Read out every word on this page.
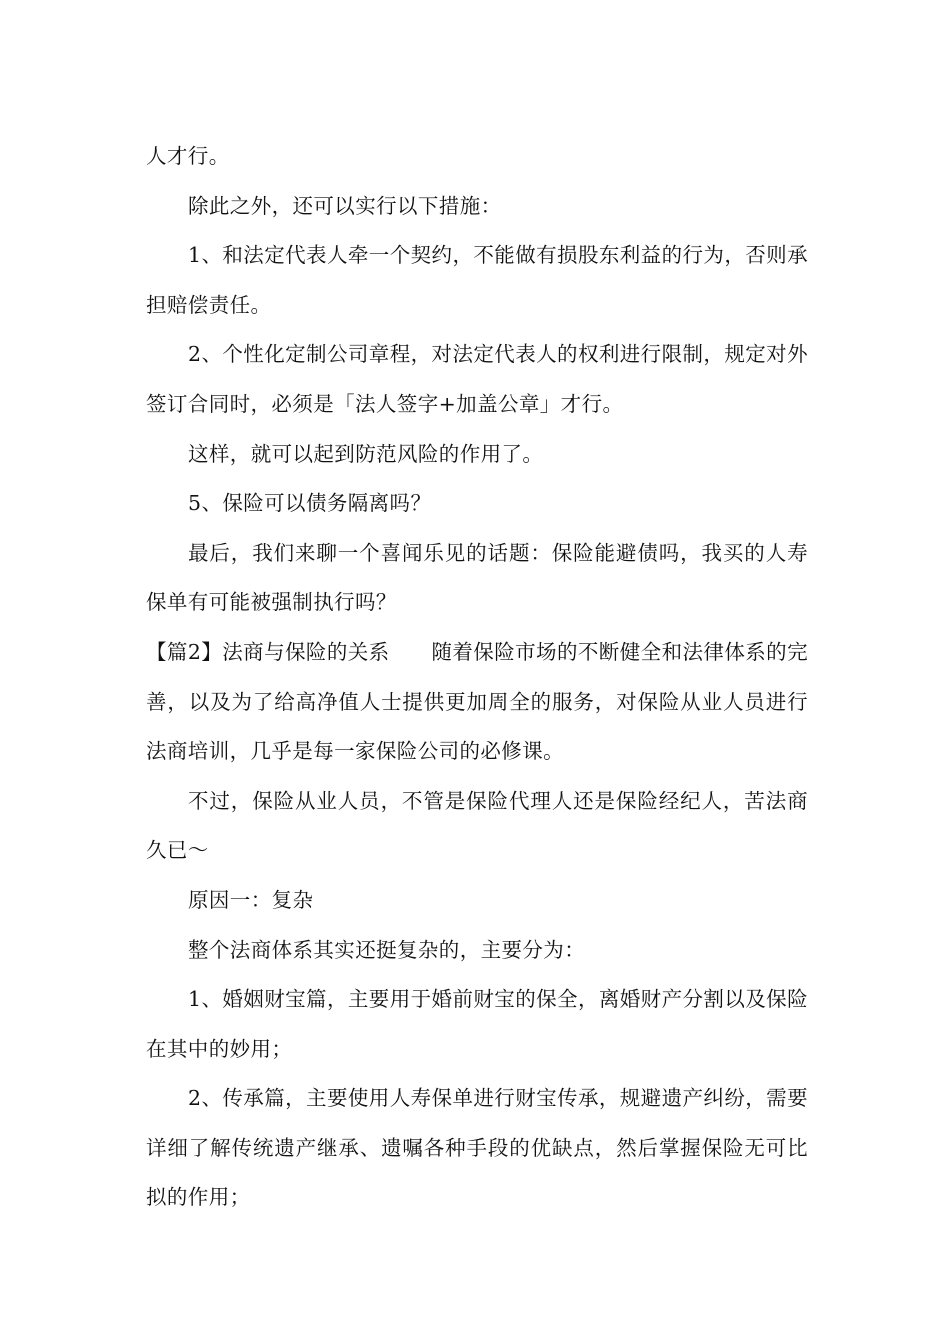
人才行。

除此之外，还可以实行以下措施：

1、和法定代表人牵一个契约，不能做有损股东利益的行为，否则承担赔偿责任。

2、个性化定制公司章程，对法定代表人的权利进行限制，规定对外签订合同时，必须是「法人签字+加盖公章」才行。

这样，就可以起到防范风险的作用了。

5、保险可以债务隔离吗？

最后，我们来聊一个喜闻乐见的话题：保险能避债吗，我买的人寿保单有可能被强制执行吗？

【篇2】法商与保险的关系　　随着保险市场的不断健全和法律体系的完善，以及为了给高净值人士提供更加周全的服务，对保险从业人员进行法商培训，几乎是每一家保险公司的必修课。

不过，保险从业人员，不管是保险代理人还是保险经纪人，苦法商久已～

原因一：复杂

整个法商体系其实还挺复杂的，主要分为：

1、婚姻财宝篇，主要用于婚前财宝的保全，离婚财产分割以及保险在其中的妙用；

2、传承篇，主要使用人寿保单进行财宝传承，规避遗产纠纷，需要详细了解传统遗产继承、遗嘱各种手段的优缺点，然后掌握保险无可比拟的作用；
